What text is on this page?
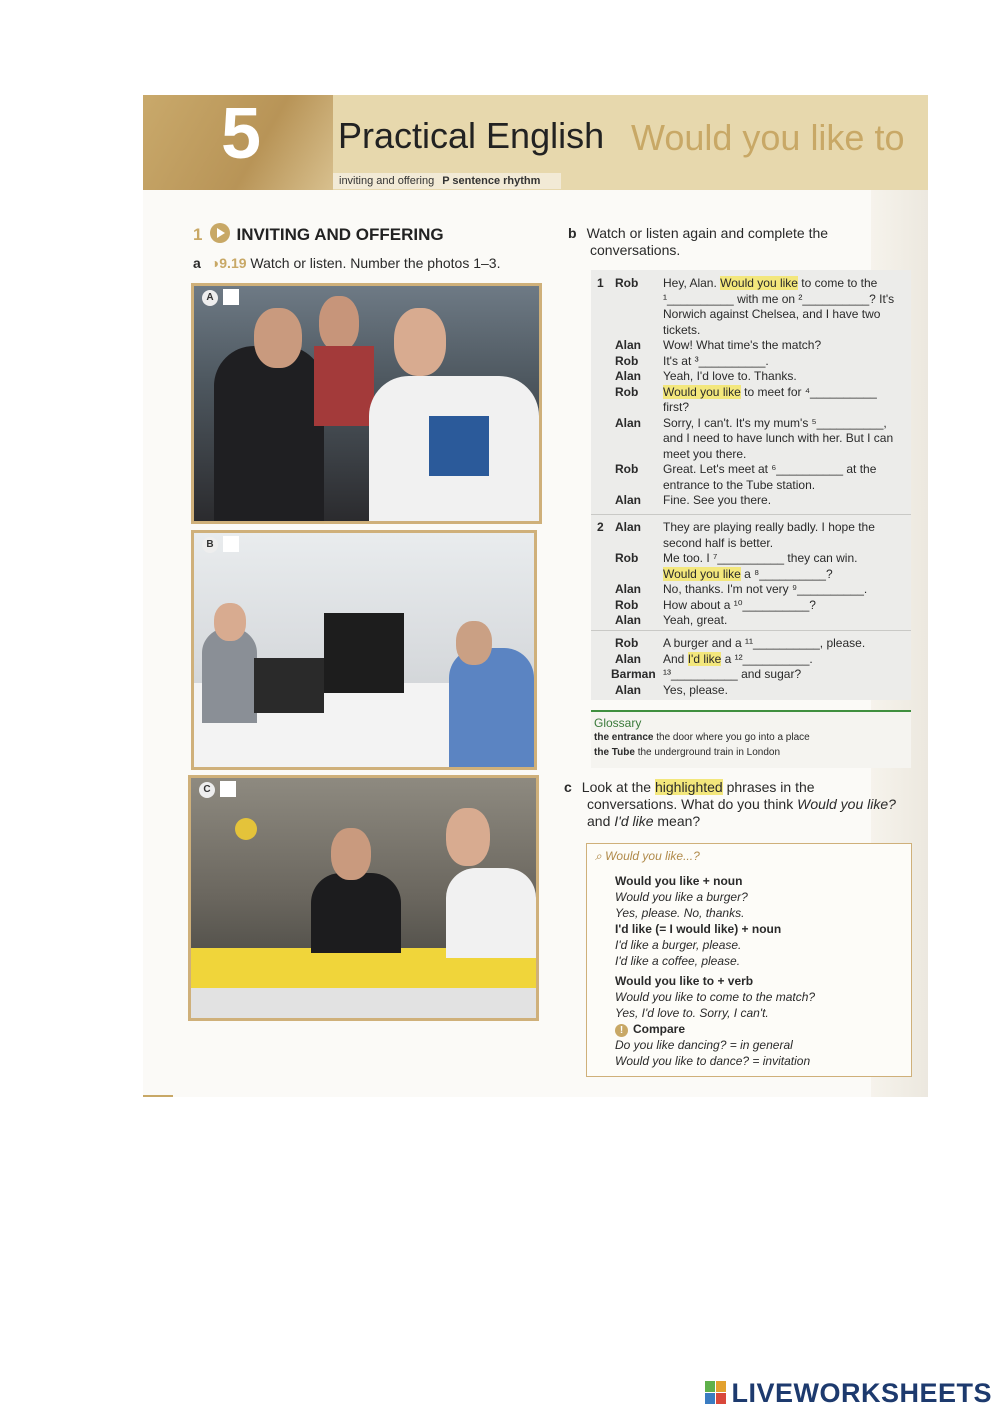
5 Practical English Would you like to
inviting and offering P sentence rhythm
1 INVITING AND OFFERING
a ◑9.19 Watch or listen. Number the photos 1–3.
A
B
C
b Watch or listen again and complete the
conversations.
1 Rob Hey, Alan. Would you like to come to the
¹__________ with me on ²__________? It's
Norwich against Chelsea, and I have two
tickets.
Alan Wow! What time's the match?
Rob It's at ³__________.
Alan Yeah, I'd love to. Thanks.
Rob Would you like to meet for ⁴__________
first?
Alan Sorry, I can't. It's my mum's ⁵__________,
and I need to have lunch with her. But I can
meet you there.
Rob Great. Let's meet at ⁶__________ at the
entrance to the Tube station.
Alan Fine. See you there.
2 Alan They are playing really badly. I hope the
second half is better.
Rob Me too. I ⁷__________ they can win.
Would you like a ⁸__________?
Alan No, thanks. I'm not very ⁹__________.
Rob How about a ¹⁰__________?
Alan Yeah, great.
Rob A burger and a ¹¹__________, please.
Alan And I'd like a ¹²__________.
Barman ¹³__________ and sugar?
Alan Yes, please.
Glossary
the entrance the door where you go into a place
the Tube the underground train in London
c Look at the highlighted phrases in the
conversations. What do you think Would you like?
and I'd like mean?
⌕ Would you like...?
Would you like + noun
Would you like a burger?
Yes, please. No, thanks.
I'd like (= I would like) + noun
I'd like a burger, please.
I'd like a coffee, please.
Would you like to + verb
Would you like to come to the match?
Yes, I'd love to. Sorry, I can't.
! Compare
Do you like dancing? = in general
Would you like to dance? = invitation
LIVEWORKSHEETS
